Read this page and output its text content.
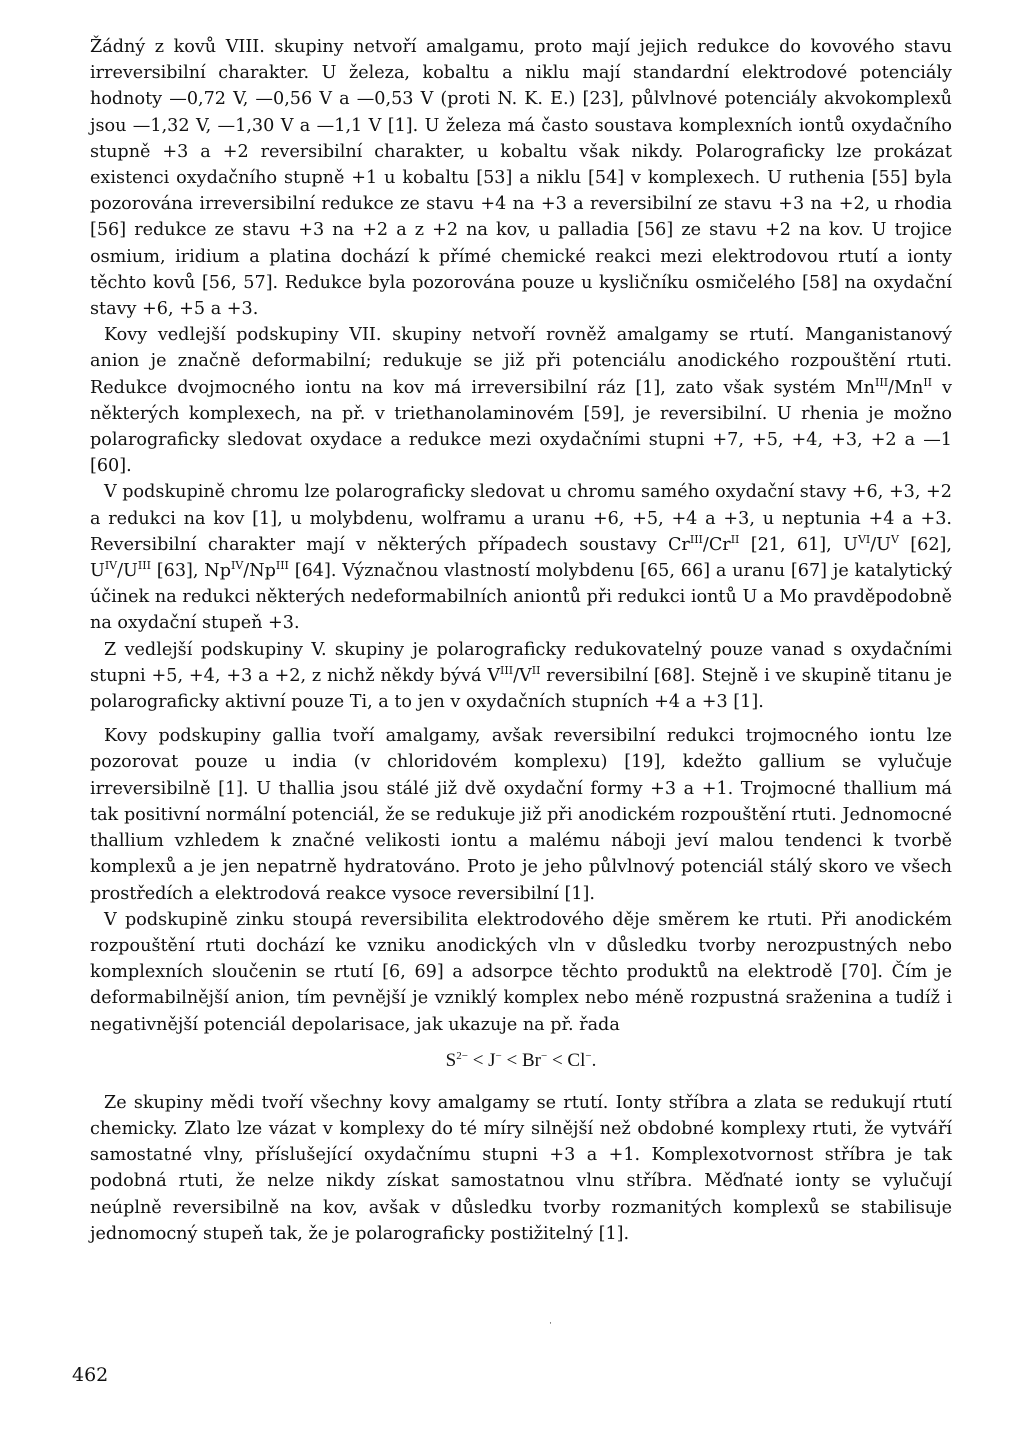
Žádný z kovů VIII. skupiny netvoří amalgamu, proto mají jejich redukce do kovového stavu irreversibilní charakter. U železa, kobaltu a niklu mají standardní elektrodové potenciály hodnoty —0,72 V, —0,56 V a —0,53 V (proti N. K. E.) [23], půlvlnové potenciály akvokomplexů jsou —1,32 V, —1,30 V a —1,1 V [1]. U železa má často soustava komplexních iontů oxydačního stupně +3 a +2 reversibilní charakter, u kobaltu však nikdy. Polarograficky lze prokázat existenci oxydačního stupně +1 u kobaltu [53] a niklu [54] v komplexech. U ruthenia [55] byla pozorována irreversibilní redukce ze stavu +4 na +3 a reversibilní ze stavu +3 na +2, u rhodia [56] redukce ze stavu +3 na +2 a z +2 na kov, u palladia [56] ze stavu +2 na kov. U trojice osmium, iridium a platina dochází k přímé chemické reakci mezi elektrodovou rtutí a ionty těchto kovů [56, 57]. Redukce byla pozorována pouze u kysličníku osmičelého [58] na oxydační stavy +6, +5 a +3.

Kovy vedlejší podskupiny VII. skupiny netvoří rovněž amalgamy se rtutí. Manganistanový anion je značně deformabilní; redukuje se již při potenciálu anodického rozpouštění rtuti. Redukce dvojmocného iontu na kov má irreversibilní ráz [1], zato však systém $Mn^{III}/Mn^{II}$ v některých komplexech, na př. v triethanolaminovém [59], je reversibilní. U rhenia je možno polarograficky sledovat oxydace a redukce mezi oxydačními stupni +7, +5, +4, +3, +2 a —1 [60].

V podskupině chromu lze polarograficky sledovat u chromu samého oxydační stavy +6, +3, +2 a redukci na kov [1], u molybdenu, wolframu a uranu +6, +5, +4 a +3, u neptunia +4 a +3. Reversibilní charakter mají v některých případech soustavy $Cr^{III}/Cr^{II}$ [21, 61], $U^{VI}/U^V$ [62], $U^{IV}/U^{III}$ [63], $Np^{IV}/Np^{III}$ [64]. Význačnou vlastností molybdenu [65, 66] a uranu [67] je katalytický účinek na redukci některých nedeformabilních aniontů při redukci iontů U a Mo pravděpodobně na oxydační stupeň +3.

Z vedlejší podskupiny V. skupiny je polarograficky redukovatelný pouze vanad s oxydačními stupni +5, +4, +3 a +2, z nichž někdy bývá $V^{III}/V^{II}$ reversibilní [68]. Stejně i ve skupině titanu je polarograficky aktivní pouze Ti, a to jen v oxydačních stupních +4 a +3 [1].

Kovy podskupiny gallia tvoří amalgamy, avšak reversibilní redukci trojmocného iontu lze pozorovat pouze u india (v chloridovém komplexu) [19], kdežto gallium se vylučuje irreversibilně [1]. U thallia jsou stálé již dvě oxydační formy +3 a +1. Trojmocné thallium má tak positivní normální potenciál, že se redukuje již při anodickém rozpouštění rtuti. Jednomocné thallium vzhledem k značné velikosti iontu a malému náboji jeví malou tendenci k tvorbě komplexů a je jen nepatrně hydratováno. Proto je jeho půlvlnový potenciál stálý skoro ve všech prostředích a elektrodová reakce vysoce reversibilní [1].

V podskupině zinku stoupá reversibilita elektrodového děje směrem ke rtuti. Při anodickém rozpouštění rtuti dochází ke vzniku anodických vln v důsledku tvorby nerozpustných nebo komplexních sloučenin se rtutí [6, 69] a adsorpce těchto produktů na elektrodě [70]. Čím je deformabilnější anion, tím pevnější je vzniklý komplex nebo méně rozpustná sraženina a tudíž i negativnější potenciál depolarisace, jak ukazuje na př. řada

$S^{2-} < J^- < Br^- < Cl^-$.

Ze skupiny mědi tvoří všechny kovy amalgamy se rtutí. Ionty stříbra a zlata se redukují rtutí chemicky. Zlato lze vázat v komplexy do té míry silnější než obdobné komplexy rtuti, že vytváří samostatné vlny, příslušející oxydačnímu stupni +3 a +1. Komplexotvornost stříbra je tak podobná rtuti, že nelze nikdy získat samostatnou vlnu stříbra. Měďnaté ionty se vylučují neúplně reversibilně na kov, avšak v důsledku tvorby rozmanitých komplexů se stabilisuje jednomocný stupeň tak, že je polarograficky postižitelný [1].

·
462
